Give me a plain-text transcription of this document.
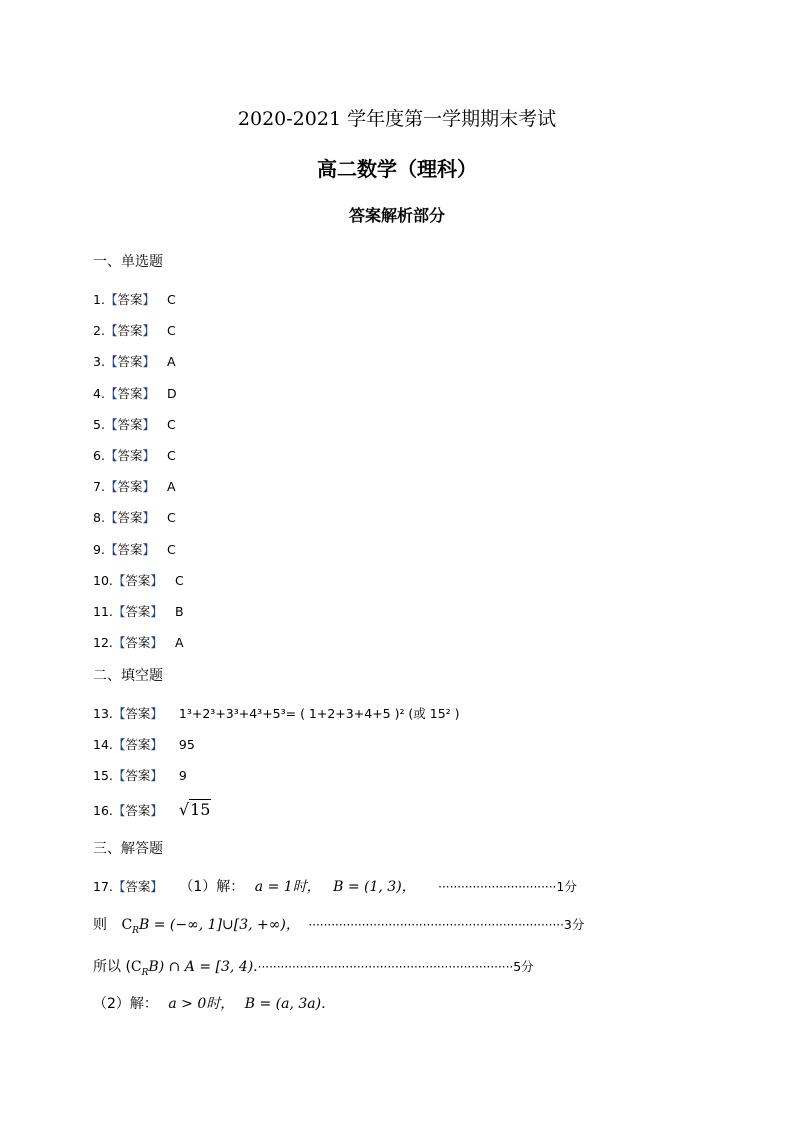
2020-2021 学年度第一学期期末考试
高二数学（理科）
答案解析部分
一、单选题
1.【答案】 C
2.【答案】 C
3.【答案】 A
4.【答案】 D
5.【答案】 C
6.【答案】 C
7.【答案】 A
8.【答案】 C
9.【答案】 C
10.【答案】 C
11.【答案】 B
12.【答案】 A
二、填空题
13.【答案】 1³+2³+3³+4³+5³= ( 1+2+3+4+5 )² (或 15² )
14.【答案】 95
15.【答案】 9
16.【答案】 √15
三、解答题
17.【答案】 （1）解： a = 1时， B = (1, 3)， ·······························1分
则 $C_RB$ = (−∞, 1]∪[3, +∞)， ···································································3分
所以 $(C_RB)$ ∩ A = [3, 4).···································································5分
（2）解： a > 0时， B = (a, 3a).
